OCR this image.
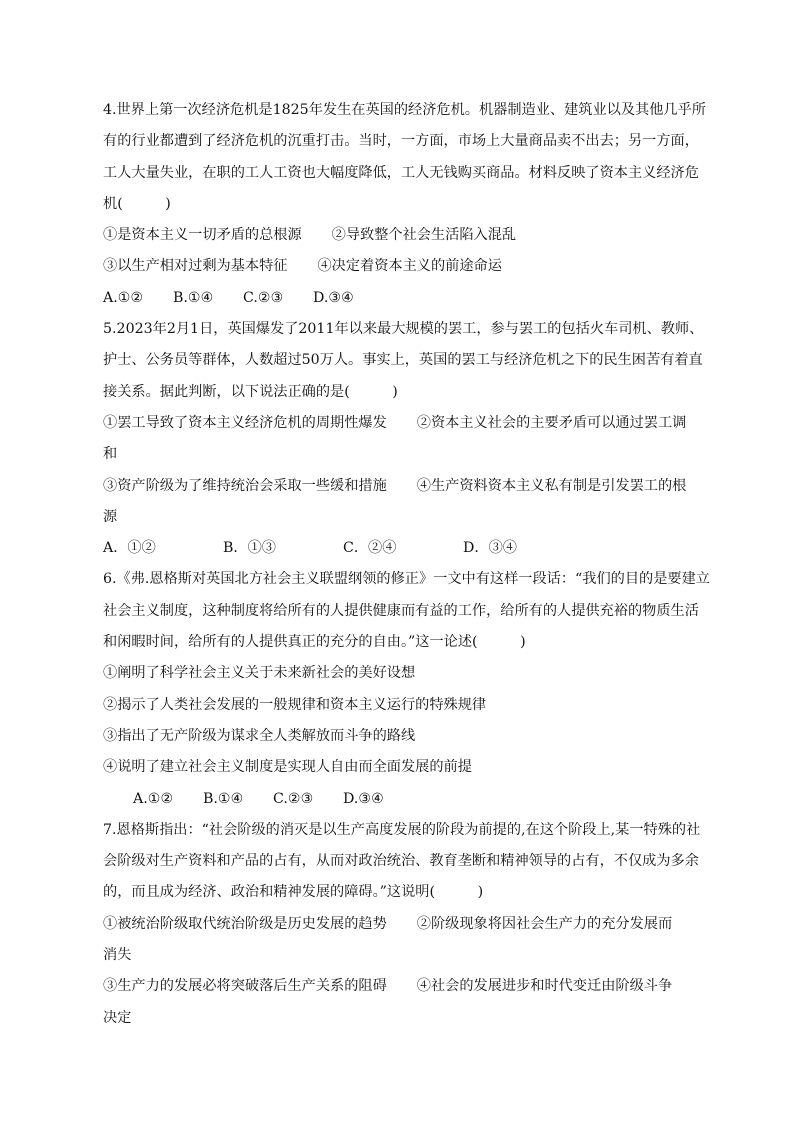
4.世界上第一次经济危机是1825年发生在英国的经济危机。机器制造业、建筑业以及其他几乎所
有的行业都遭到了经济危机的沉重打击。当时，一方面，市场上大量商品卖不出去；另一方面，
工人大量失业，在职的工人工资也大幅度降低，工人无钱购买商品。材料反映了资本主义经济危
机(　　　)
①是资本主义一切矛盾的总根源 ②导致整个社会生活陷入混乱
③以生产相对过剩为基本特征 ④决定着资本主义的前途命运
A.①② B.①④ C.②③ D.③④
5.2023年2月1日，英国爆发了2011年以来最大规模的罢工，参与罢工的包括火车司机、教师、
护士、公务员等群体，人数超过50万人。事实上，英国的罢工与经济危机之下的民生困苦有着直
接关系。据此判断，以下说法正确的是(　　　)
①罢工导致了资本主义经济危机的周期性爆发 ②资本主义社会的主要矛盾可以通过罢工调
和
③资产阶级为了维持统治会采取一些缓和措施 ④生产资料资本主义私有制是引发罢工的根
源
A．①②	B．①③	C．②④	D．③④
6.《弗.恩格斯对英国北方社会主义联盟纲领的修正》一文中有这样一段话：“我们的目的是要建立
社会主义制度，这种制度将给所有的人提供健康而有益的工作，给所有的人提供充裕的物质生活
和闲暇时间，给所有的人提供真正的充分的自由。”这一论述(　　　)
①阐明了科学社会主义关于未来新社会的美好设想
②揭示了人类社会发展的一般规律和资本主义运行的特殊规律
③指出了无产阶级为谋求全人类解放而斗争的路线
④说明了建立社会主义制度是实现人自由而全面发展的前提
A.①② B.①④ C.②③ D.③④
7.恩格斯指出：“社会阶级的消灭是以生产高度发展的阶段为前提的,在这个阶段上,某一特殊的社
会阶级对生产资料和产品的占有，从而对政治统治、教育垄断和精神领导的占有，不仅成为多余
的，而且成为经济、政治和精神发展的障碍。”这说明(　　　)
①被统治阶级取代统治阶级是历史发展的趋势 ②阶级现象将因社会生产力的充分发展而
消失
③生产力的发展必将突破落后生产关系的阻碍 ④社会的发展进步和时代变迁由阶级斗争
决定
